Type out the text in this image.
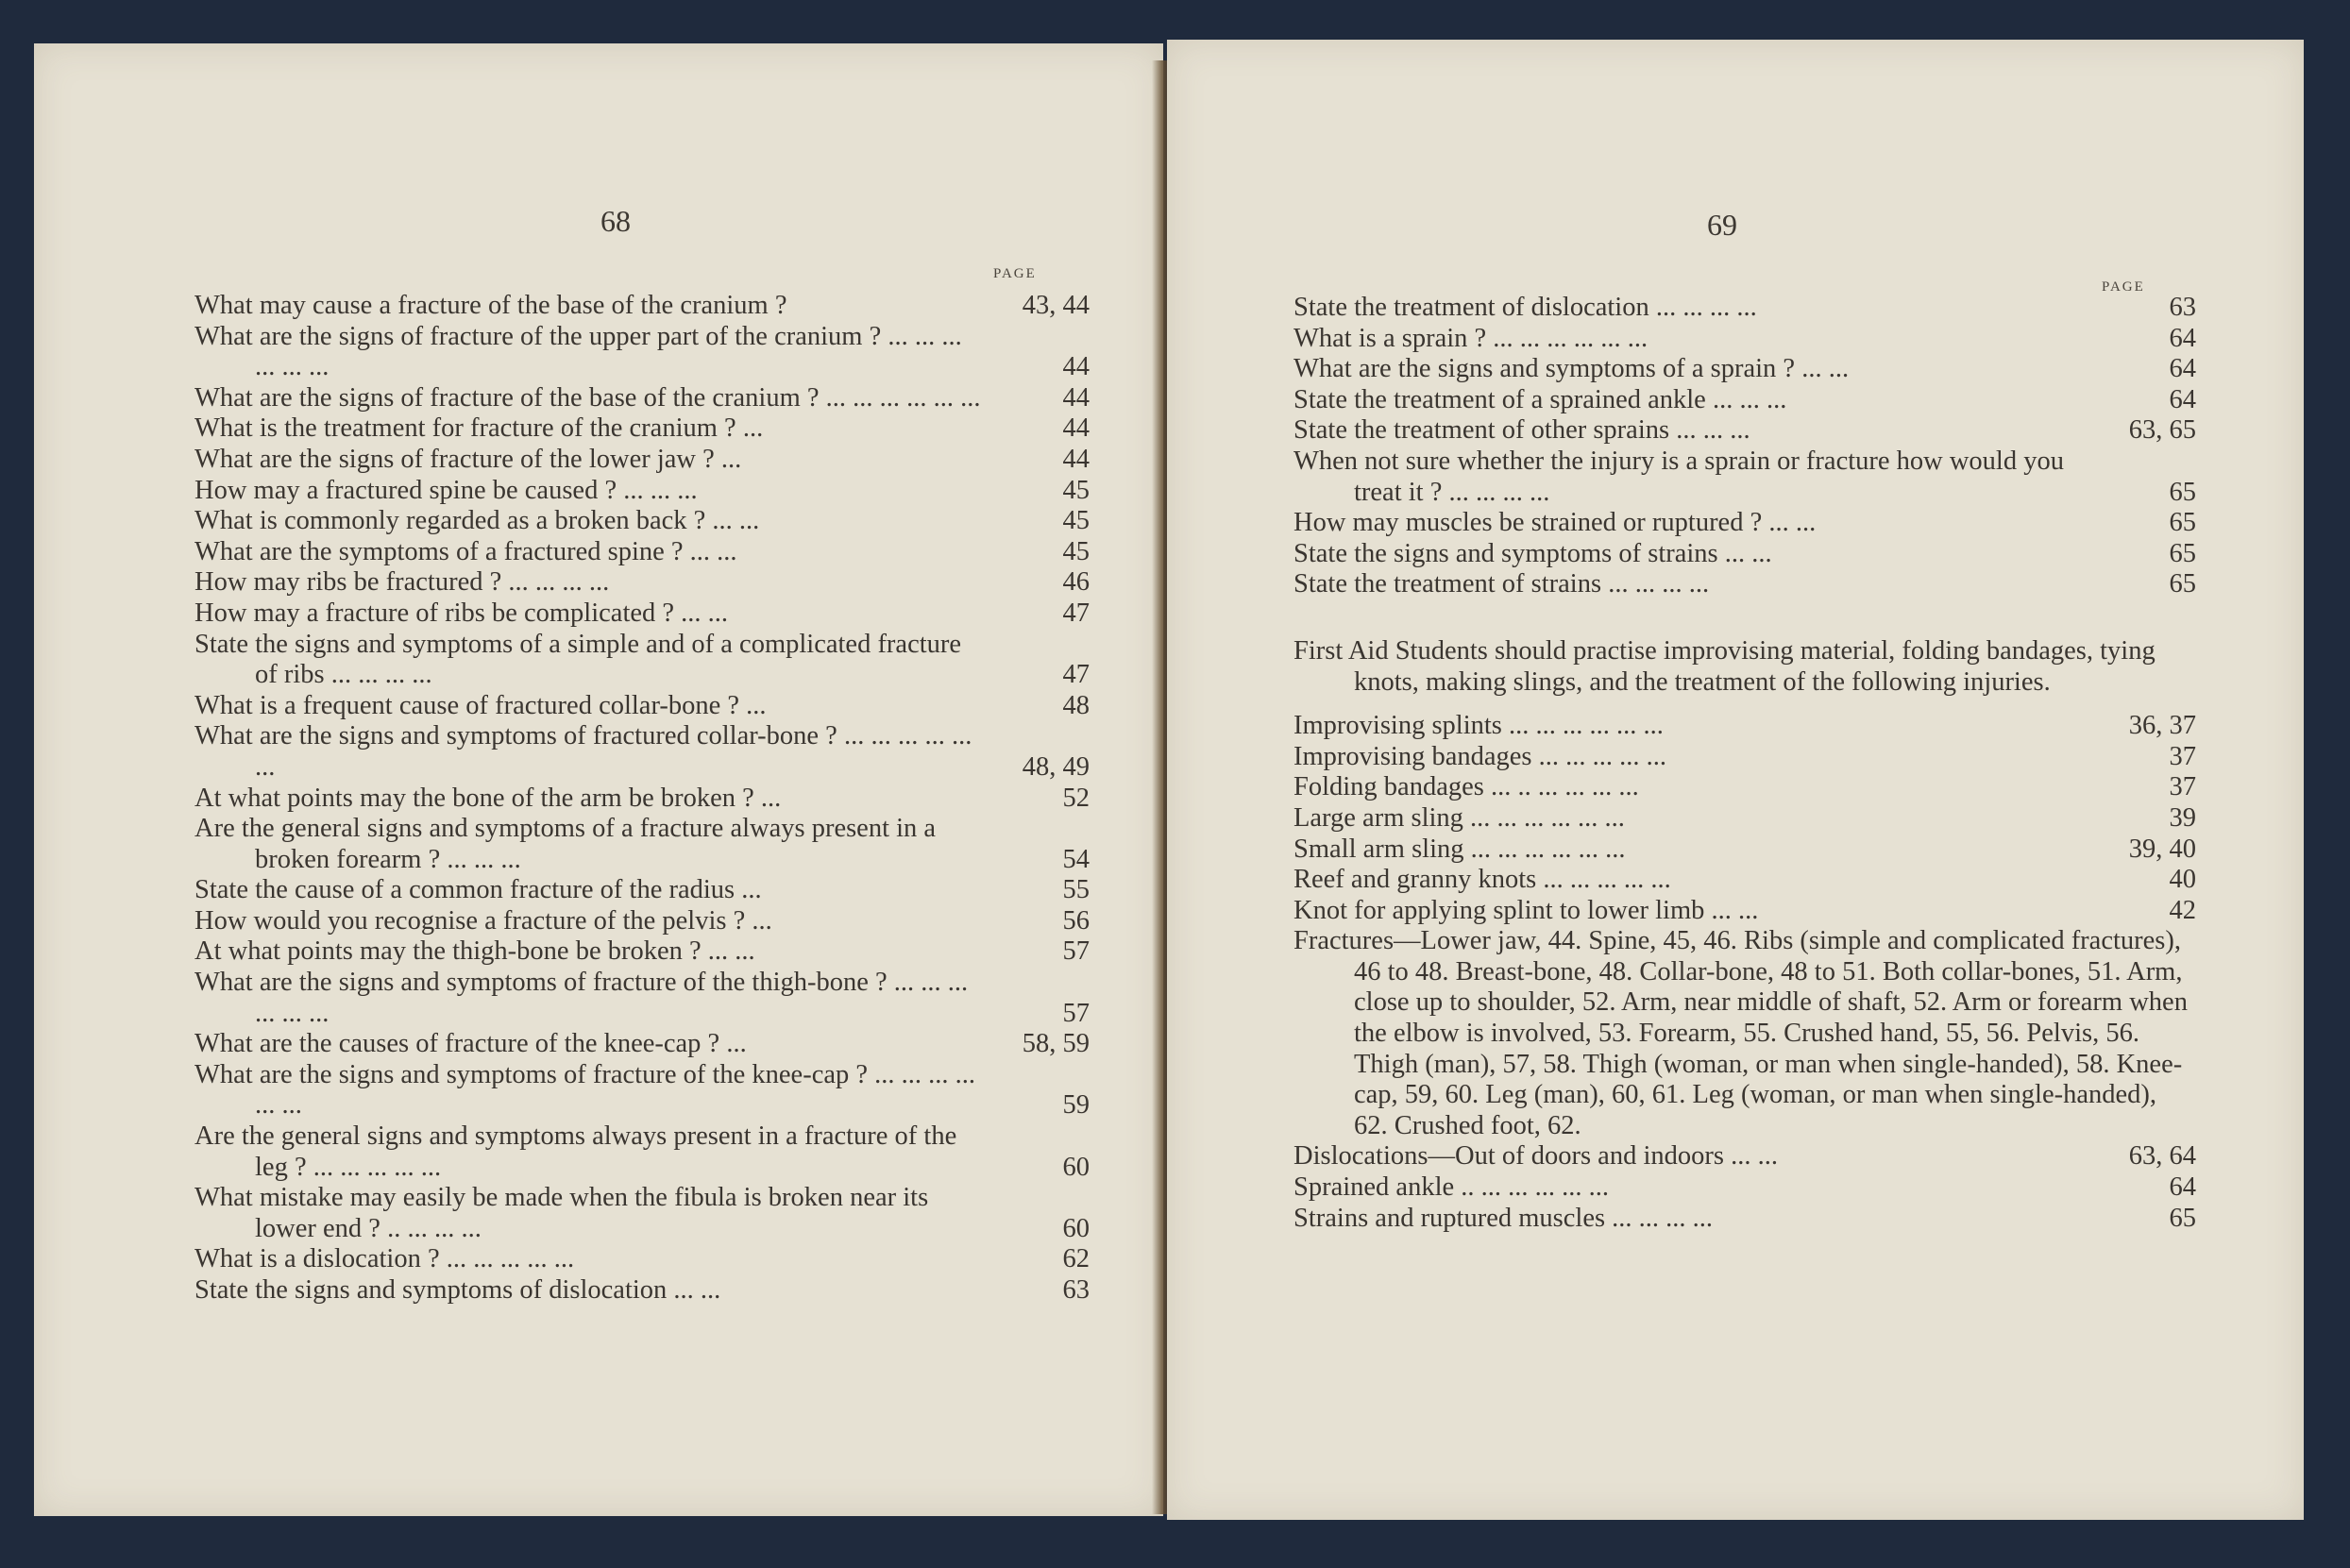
68
PAGE
What may cause a fracture of the base of the cranium ?	43, 44
What are the signs of fracture of the upper part of the cranium ? ... ... ... ... ... ...	44
What are the signs of fracture of the base of the cranium ? ... ... ... ... ... ...	44
What is the treatment for fracture of the cranium ? ...	44
What are the signs of fracture of the lower jaw ? ...	44
How may a fractured spine be caused ? ... ... ...	45
What is commonly regarded as a broken back ? ... ...	45
What are the symptoms of a fractured spine ? ... ...	45
How may ribs be fractured ? ... ... ... ...	46
How may a fracture of ribs be complicated ? ... ...	47
State the signs and symptoms of a simple and of a complicated fracture of ribs ... ... ... ...	47
What is a frequent cause of fractured collar-bone ? ...	48
What are the signs and symptoms of fractured collar-bone ? ... ... ... ... ... ...	48, 49
At what points may the bone of the arm be broken ? ...	52
Are the general signs and symptoms of a fracture always present in a broken forearm ? ... ... ...	54
State the cause of a common fracture of the radius ...	55
How would you recognise a fracture of the pelvis ? ...	56
At what points may the thigh-bone be broken ? ... ...	57
What are the signs and symptoms of fracture of the thigh-bone ? ... ... ... ... ... ...	57
What are the causes of fracture of the knee-cap ? ...	58, 59
What are the signs and symptoms of fracture of the knee-cap ? ... ... ... ... ... ...	59
Are the general signs and symptoms always present in a fracture of the leg ? ... ... ... ... ...	60
What mistake may easily be made when the fibula is broken near its lower end ? .. ... ... ...	60
What is a dislocation ? ... ... ... ... ...	62
State the signs and symptoms of dislocation ... ...	63
69
PAGE
State the treatment of dislocation ... ... ... ...	63
What is a sprain ? ... ... ... ... ... ...	64
What are the signs and symptoms of a sprain ? ... ...	64
State the treatment of a sprained ankle ... ... ...	64
State the treatment of other sprains ... ... ...	63, 65
When not sure whether the injury is a sprain or fracture how would you treat it ? ... ... ... ...	65
How may muscles be strained or ruptured ? ... ...	65
State the signs and symptoms of strains ... ...	65
State the treatment of strains ... ... ... ...	65
First Aid Students should practise improvising material, folding bandages, tying knots, making slings, and the treatment of the following injuries.
Improvising splints ... ... ... ... ... ...	36, 37
Improvising bandages ... ... ... ... ...	37
Folding bandages ... .. ... ... ... ...	37
Large arm sling ... ... ... ... ... ...	39
Small arm sling ... ... ... ... ... ...	39, 40
Reef and granny knots ... ... ... ... ...	40
Knot for applying splint to lower limb ... ...	42
Fractures—Lower jaw, 44. Spine, 45, 46. Ribs (simple and complicated fractures), 46 to 48. Breast-bone, 48. Collar-bone, 48 to 51. Both collar-bones, 51. Arm, close up to shoulder, 52. Arm, near middle of shaft, 52. Arm or forearm when the elbow is involved, 53. Forearm, 55. Crushed hand, 55, 56. Pelvis, 56. Thigh (man), 57, 58. Thigh (woman, or man when single-handed), 58. Knee-cap, 59, 60. Leg (man), 60, 61. Leg (woman, or man when single-handed), 62. Crushed foot, 62.
Dislocations—Out of doors and indoors ... ...	63, 64
Sprained ankle .. ... ... ... ... ...	64
Strains and ruptured muscles ... ... ... ...	65
